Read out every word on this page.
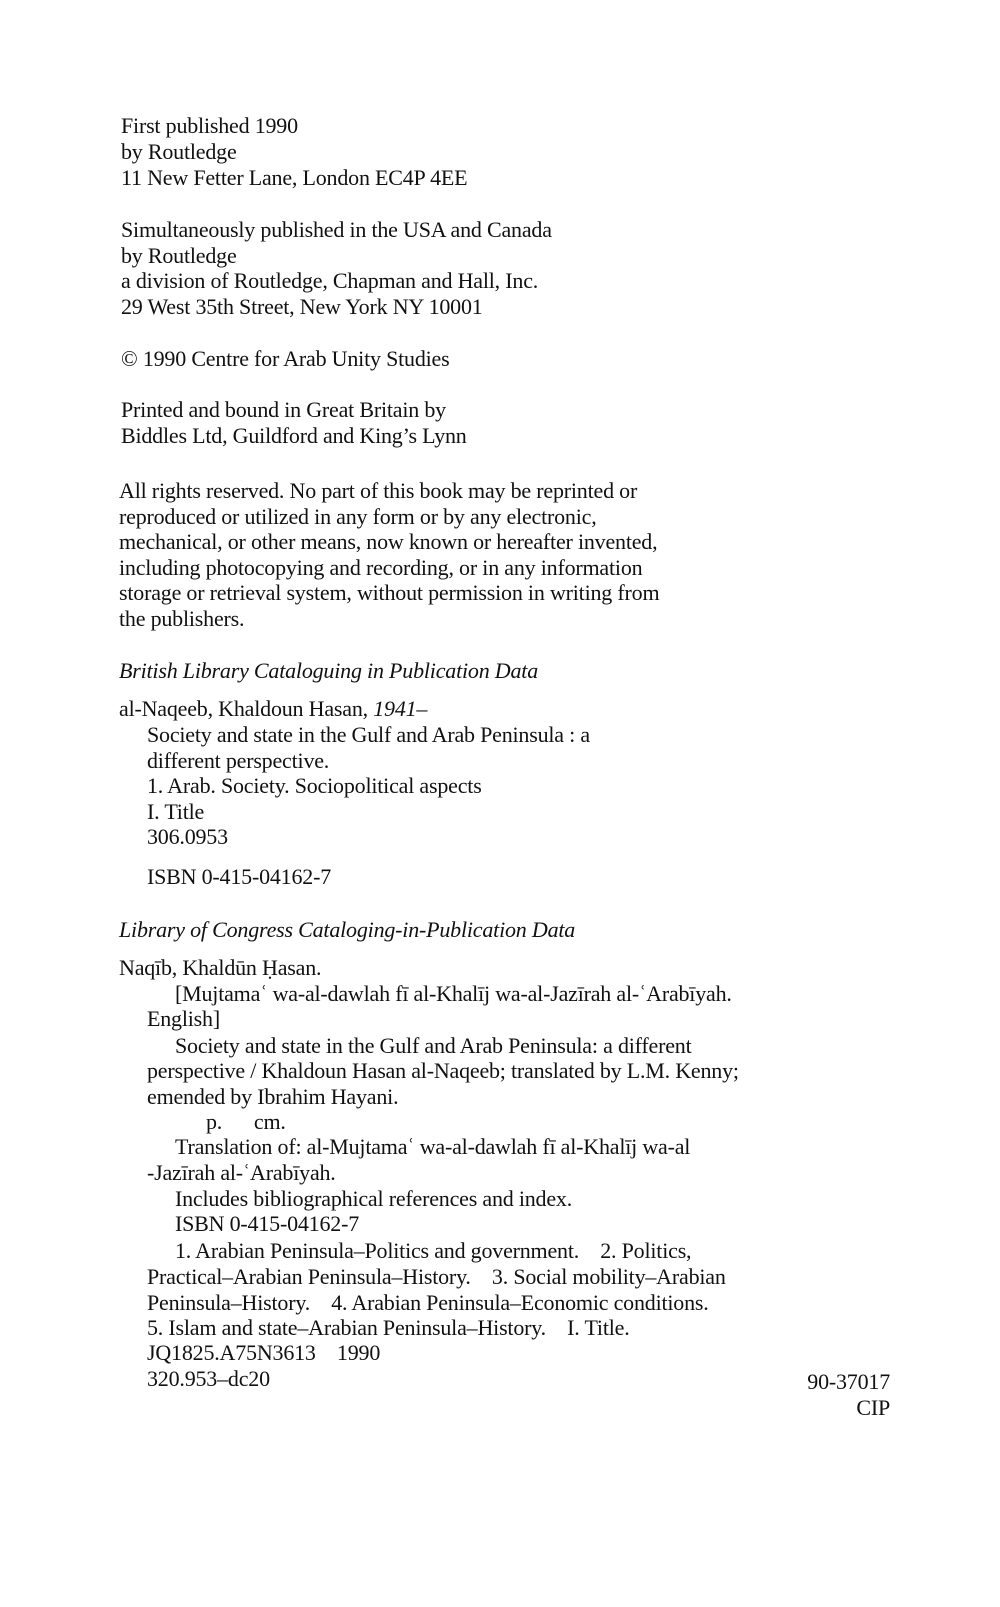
First published 1990
by Routledge
11 New Fetter Lane, London EC4P 4EE
Simultaneously published in the USA and Canada
by Routledge
a division of Routledge, Chapman and Hall, Inc.
29 West 35th Street, New York NY 10001
© 1990 Centre for Arab Unity Studies
Printed and bound in Great Britain by
Biddles Ltd, Guildford and King’s Lynn
All rights reserved. No part of this book may be reprinted or
reproduced or utilized in any form or by any electronic,
mechanical, or other means, now known or hereafter invented,
including photocopying and recording, or in any information
storage or retrieval system, without permission in writing from
the publishers.
British Library Cataloguing in Publication Data
al-Naqeeb, Khaldoun Hasan, 1941–
Society and state in the Gulf and Arab Peninsula : a
different perspective.
1. Arab. Society. Sociopolitical aspects
I. Title
306.0953
ISBN 0-415-04162-7
Library of Congress Cataloging-in-Publication Data
Naqīb, Khaldūn Ḥasan.
[Mujtamaʿ wa-al-dawlah fī al-Khalīj wa-al-Jazīrah al-ʿArabīyah.
English]
Society and state in the Gulf and Arab Peninsula: a different
perspective / Khaldoun Hasan al-Naqeeb; translated by L.M. Kenny;
emended by Ibrahim Hayani.
p.      cm.
Translation of: al-Mujtamaʿ wa-al-dawlah fī al-Khalīj wa-al
-Jazīrah al-ʿArabīyah.
Includes bibliographical references and index.
ISBN 0-415-04162-7
1. Arabian Peninsula–Politics and government.    2. Politics,
Practical–Arabian Peninsula–History.    3. Social mobility–Arabian
Peninsula–History.    4. Arabian Peninsula–Economic conditions.
5. Islam and state–Arabian Peninsula–History.    I. Title.
JQ1825.A75N3613    1990
320.953–dc20	90-37017
CIP
